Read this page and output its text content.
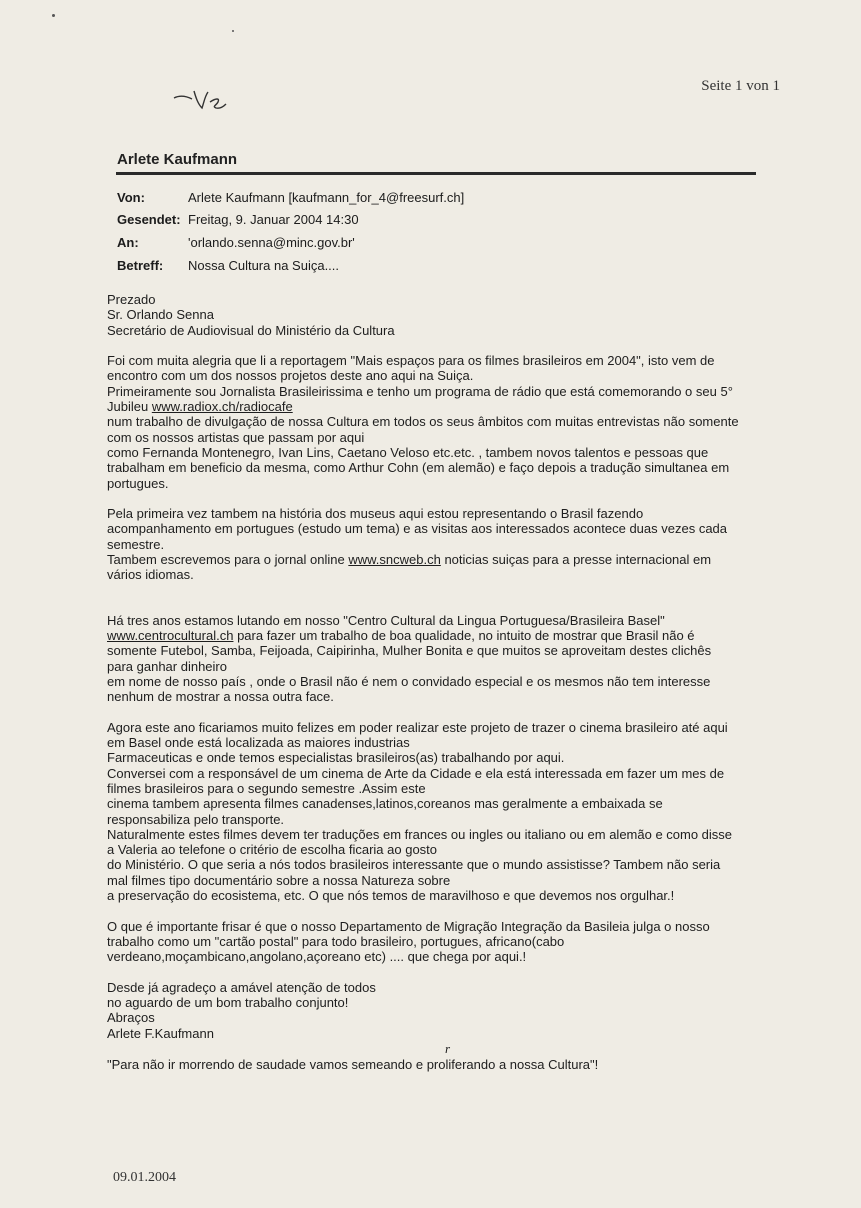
Seite 1 von 1
Arlete Kaufmann
Von:	Arlete Kaufmann [kaufmann_for_4@freesurf.ch]
Gesendet: Freitag, 9. Januar 2004 14:30
An:	'orlando.senna@minc.gov.br'
Betreff:	Nossa Cultura na Suiça....

Prezado
Sr. Orlando Senna
Secretário de Audiovisual do Ministério da Cultura

Foi com muita alegria que li a reportagem "Mais espaços para os filmes brasileiros em 2004", isto vem de
encontro com um dos nossos projetos deste ano aqui na Suiça.
Primeiramente sou Jornalista Brasileirissima e tenho um programa de rádio que está comemorando o seu 5°
Jubileu www.radiox.ch/radiocafe
num trabalho de divulgação de nossa Cultura em todos os seus âmbitos com muitas entrevistas não somente
com os nossos artistas que passam por aqui
como Fernanda Montenegro, Ivan Lins, Caetano Veloso etc.etc. , tambem novos talentos e pessoas que
trabalham em beneficio da mesma, como Arthur Cohn (em alemão) e faço depois a tradução simultanea em
portugues.

Pela primeira vez tambem na história dos museus aqui estou representando o Brasil fazendo
acompanhamento em portugues (estudo um tema) e as visitas aos interessados acontece duas vezes cada
semestre.
Tambem escrevemos para o jornal online www.sncweb.ch noticias suiças para a presse internacional em
vários idiomas.

Há tres anos estamos lutando em nosso "Centro Cultural da Lingua Portuguesa/Brasileira Basel"
www.centrocultural.ch para fazer um trabalho de boa qualidade, no intuito de mostrar que Brasil não é
somente Futebol, Samba, Feijoada, Caipirinha, Mulher Bonita e que muitos se aproveitam destes clichês
para ganhar dinheiro
em nome de nosso país , onde o Brasil não é nem o convidado especial e os mesmos não tem interesse
nenhum de mostrar a nossa outra face.

Agora este ano ficariamos muito felizes em poder realizar este projeto de trazer o cinema brasileiro até aqui
em Basel onde está localizada as maiores industrias
Farmaceuticas e onde temos especialistas brasileiros(as) trabalhando por aqui.
Conversei com a responsável de um cinema de Arte da Cidade e ela está interessada em fazer um mes de
filmes brasileiros para o segundo semestre .Assim este
cinema tambem apresenta filmes canadenses,latinos,coreanos mas geralmente a embaixada se
responsabiliza pelo transporte.
Naturalmente estes filmes devem ter traduções em frances ou ingles ou italiano ou em alemão e como disse
a Valeria ao telefone o critério de escolha ficaria ao gosto
do Ministério. O que seria a nós todos brasileiros interessante que o mundo assistisse? Tambem não seria
mal filmes tipo documentário sobre a nossa Natureza sobre
a preservação do ecosistema, etc. O que nós temos de maravilhoso e que devemos nos orgulhar.!

O que é importante frisar é que o nosso Departamento de Migração Integração da Basileia julga o nosso
trabalho como um "cartão postal" para todo brasileiro, portugues, africano(cabo
verdeano,moçambicano,angolano,açoreano etc) .... que chega por aqui.!

Desde já agradeço a amável atenção de todos
no aguardo de um bom trabalho conjunto!
Abraços
Arlete F.Kaufmann

r

"Para não ir morrendo de saudade vamos semeando e proliferando a nossa Cultura"!

09.01.2004
